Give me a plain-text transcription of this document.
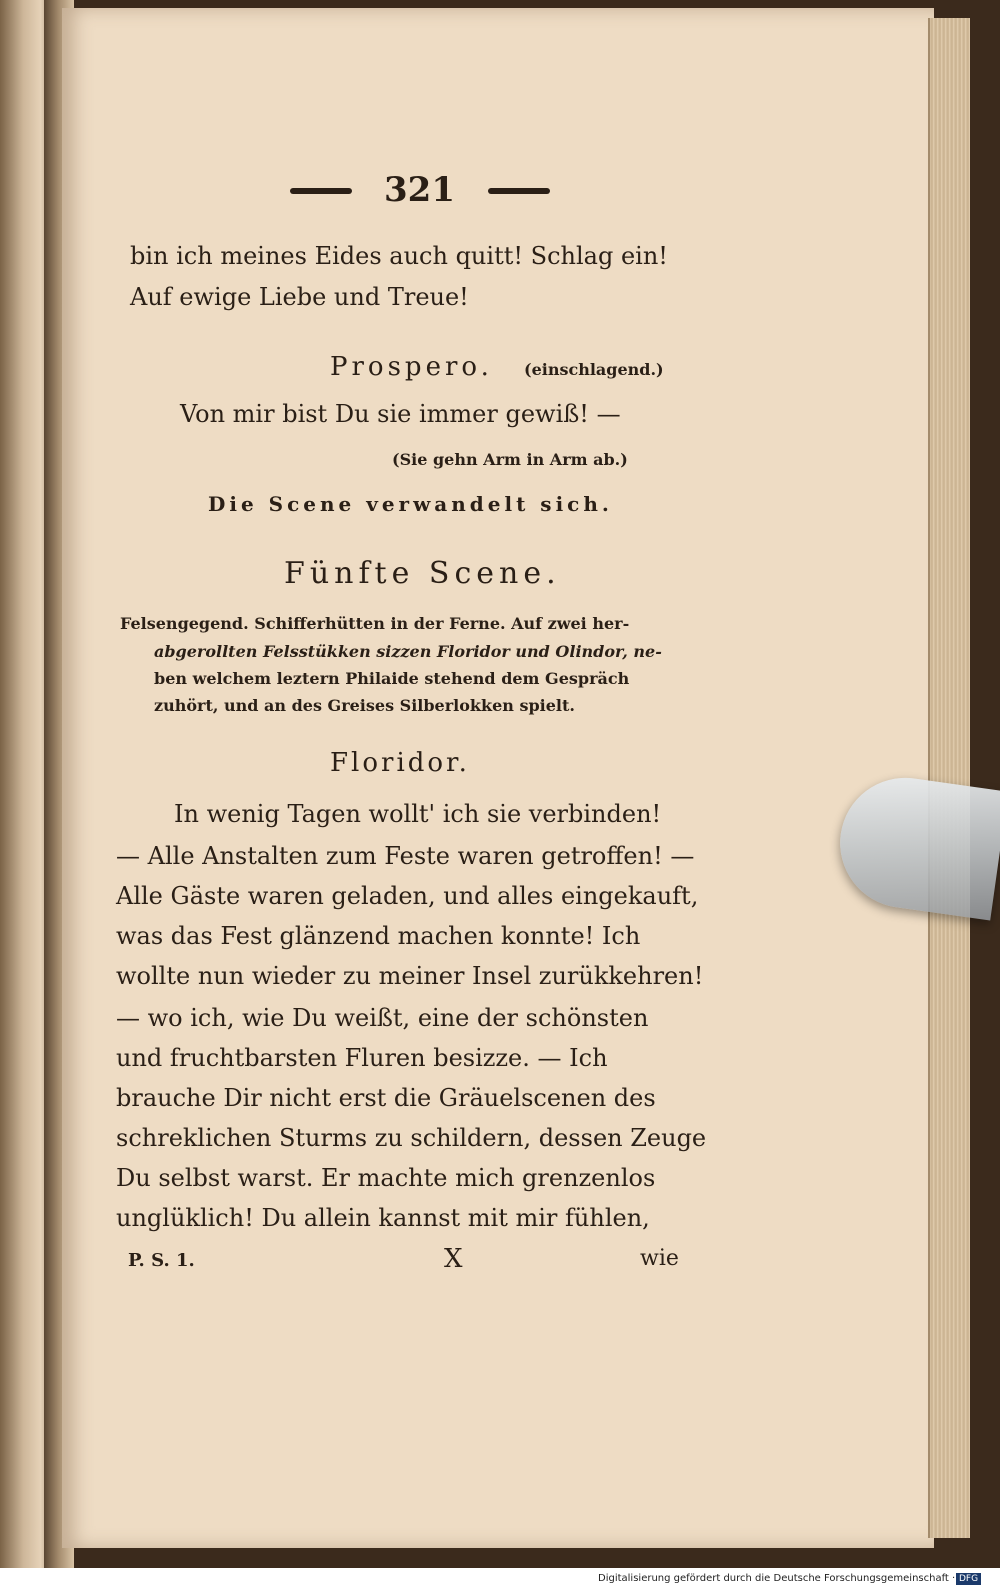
321
bin ich meines Eides auch quitt! Schlag ein!
Auf ewige Liebe und Treue!
Prospero. (einschlagend.)
Von mir bist Du sie immer gewiß! —
(Sie gehn Arm in Arm ab.)
Die Scene verwandelt sich.
Fünfte Scene.
Felsengegend. Schifferhütten in der Ferne. Auf zwei her-
abgerollten Felsstükken sizzen Floridor und Olindor, ne-
ben welchem leztern Philaide stehend dem Gespräch
zuhört, und an des Greises Silberlokken spielt.
Floridor.
In wenig Tagen wollt' ich sie verbinden!
— Alle Anstalten zum Feste waren getroffen! —
Alle Gäste waren geladen, und alles eingekauft,
was das Fest glänzend machen konnte! Ich
wollte nun wieder zu meiner Insel zurükkehren!
— wo ich, wie Du weißt, eine der schönsten
und fruchtbarsten Fluren besizze. — Ich
brauche Dir nicht erst die Gräuelscenen des
schreklichen Sturms zu schildern, dessen Zeuge
Du selbst warst. Er machte mich grenzenlos
unglüklich! Du allein kannst mit mir fühlen,
P. S. 1.	X	wie
Digitalisierung gefördert durch die Deutsche Forschungsgemeinschaft · DFG
